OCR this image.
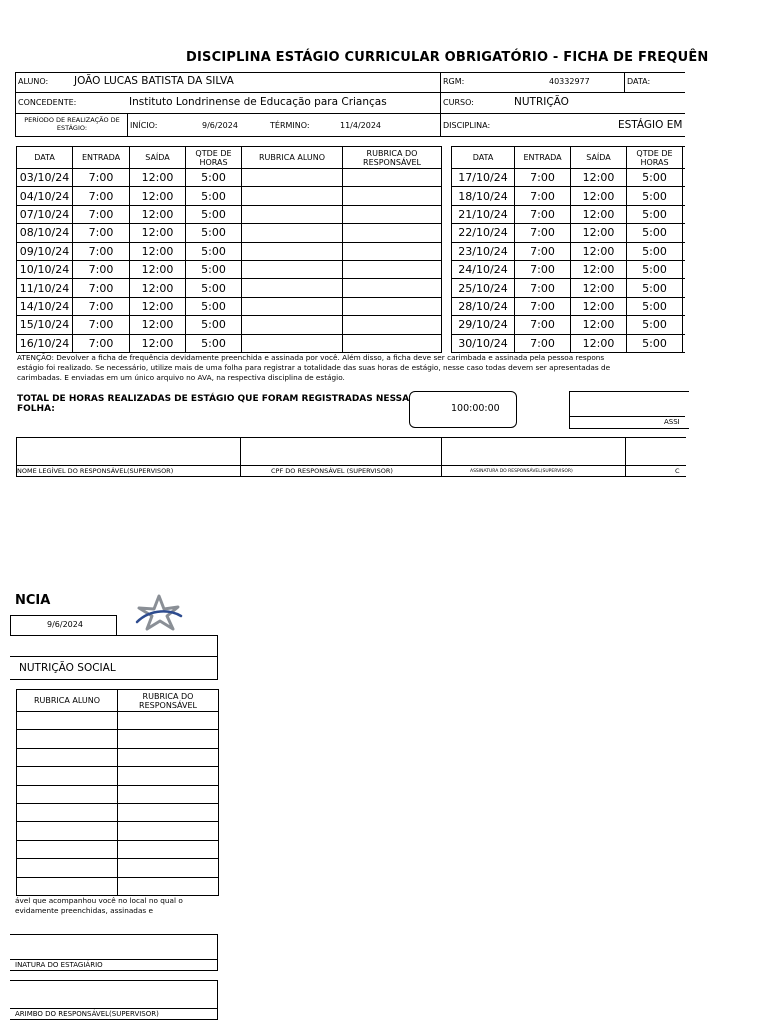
DISCIPLINA ESTÁGIO CURRICULAR OBRIGATÓRIO - FICHA DE FREQUÊN
ALUNO: JOÃO LUCAS BATISTA DA SILVA	RGM:	40332977	DATA:
CONCEDENTE:	Instituto Londrinense de Educação para Crianças	CURSO:	NUTRIÇÃO
PERÍODO DE REALIZAÇÃO DE ESTÁGIO:	INÍCIO:	9/6/2024	TÉRMINO:	11/4/2024	DISCIPLINA:	ESTÁGIO EM
DATA	ENTRADA	SAÍDA	QTDE DE HORAS	RUBRICA ALUNO	RUBRICA DO RESPONSÁVEL
03/10/24	7:00	12:00	5:00		
04/10/24	7:00	12:00	5:00		
07/10/24	7:00	12:00	5:00		
08/10/24	7:00	12:00	5:00		
09/10/24	7:00	12:00	5:00		
10/10/24	7:00	12:00	5:00		
11/10/24	7:00	12:00	5:00		
14/10/24	7:00	12:00	5:00		
15/10/24	7:00	12:00	5:00		
16/10/24	7:00	12:00	5:00		
DATA	ENTRADA	SAÍDA	QTDE DE HORAS	
17/10/24	7:00	12:00	5:00	
18/10/24	7:00	12:00	5:00	
21/10/24	7:00	12:00	5:00	
22/10/24	7:00	12:00	5:00	
23/10/24	7:00	12:00	5:00	
24/10/24	7:00	12:00	5:00	
25/10/24	7:00	12:00	5:00	
28/10/24	7:00	12:00	5:00	
29/10/24	7:00	12:00	5:00	
30/10/24	7:00	12:00	5:00	
ATENÇÃO: Devolver a ficha de frequência devidamente preenchida e assinada por você. Além disso, a ficha deve ser carimbada e assinada pela pessoa respons
estágio foi realizado. Se necessário, utilize mais de uma folha para registrar a totalidade das suas horas de estágio, nesse caso todas devem ser apresentadas de
carimbadas. E enviadas em um único arquivo no AVA, na respectiva disciplina de estágio.
TOTAL DE HORAS REALIZADAS DE ESTÁGIO QUE FORAM REGISTRADAS NESSA
FOLHA:	100:00:00
ASSI
NOME LEGÍVEL DO RESPONSÁVEL(SUPERVISOR)	CPF DO RESPONSÁVEL (SUPERVISOR)	ASSINATURA DO RESPONSÁVEL(SUPERVISOR)	C
NCIA
9/6/2024
NUTRIÇÃO SOCIAL
RUBRICA ALUNO	RUBRICA DO RESPONSÁVEL

ável que acompanhou você no local no qual o
evidamente preenchidas, assinadas e
INATURA DO ESTAGIÁRIO
ARIMBO DO RESPONSÁVEL(SUPERVISOR)
